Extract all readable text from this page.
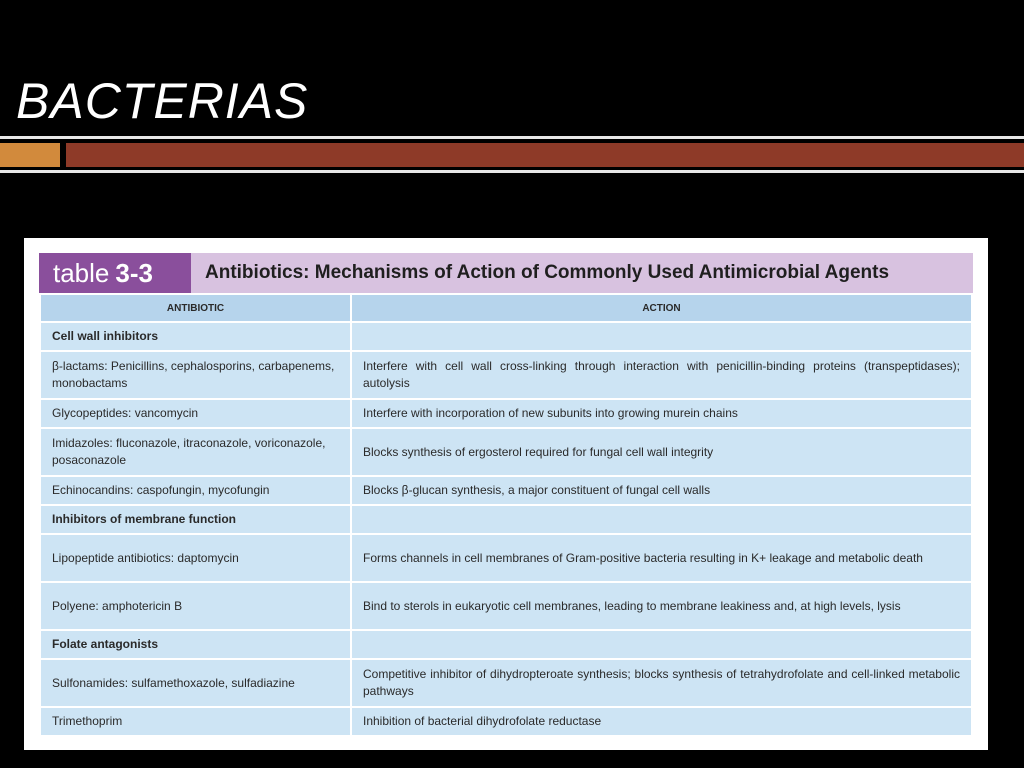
BACTERIAS
table 3-3	Antibiotics: Mechanisms of Action of Commonly Used Antimicrobial Agents
ANTIBIOTIC	ACTION
Cell wall inhibitors	
β-lactams: Penicillins, cephalosporins, carbapenems, monobactams	Interfere with cell wall cross-linking through interaction with penicillin-binding proteins (transpeptidases); autolysis
Glycopeptides: vancomycin	Interfere with incorporation of new subunits into growing murein chains
Imidazoles: fluconazole, itraconazole, voriconazole, posaconazole	Blocks synthesis of ergosterol required for fungal cell wall integrity
Echinocandins: caspofungin, mycofungin	Blocks β-glucan synthesis, a major constituent of fungal cell walls
Inhibitors of membrane function	
Lipopeptide antibiotics: daptomycin	Forms channels in cell membranes of Gram-positive bacteria resulting in K+ leakage and metabolic death
Polyene: amphotericin B	Bind to sterols in eukaryotic cell membranes, leading to membrane leakiness and, at high levels, lysis
Folate antagonists	
Sulfonamides: sulfamethoxazole, sulfadiazine	Competitive inhibitor of dihydropteroate synthesis; blocks synthesis of tetrahydrofolate and cell-linked metabolic pathways
Trimethoprim	Inhibition of bacterial dihydrofolate reductase
